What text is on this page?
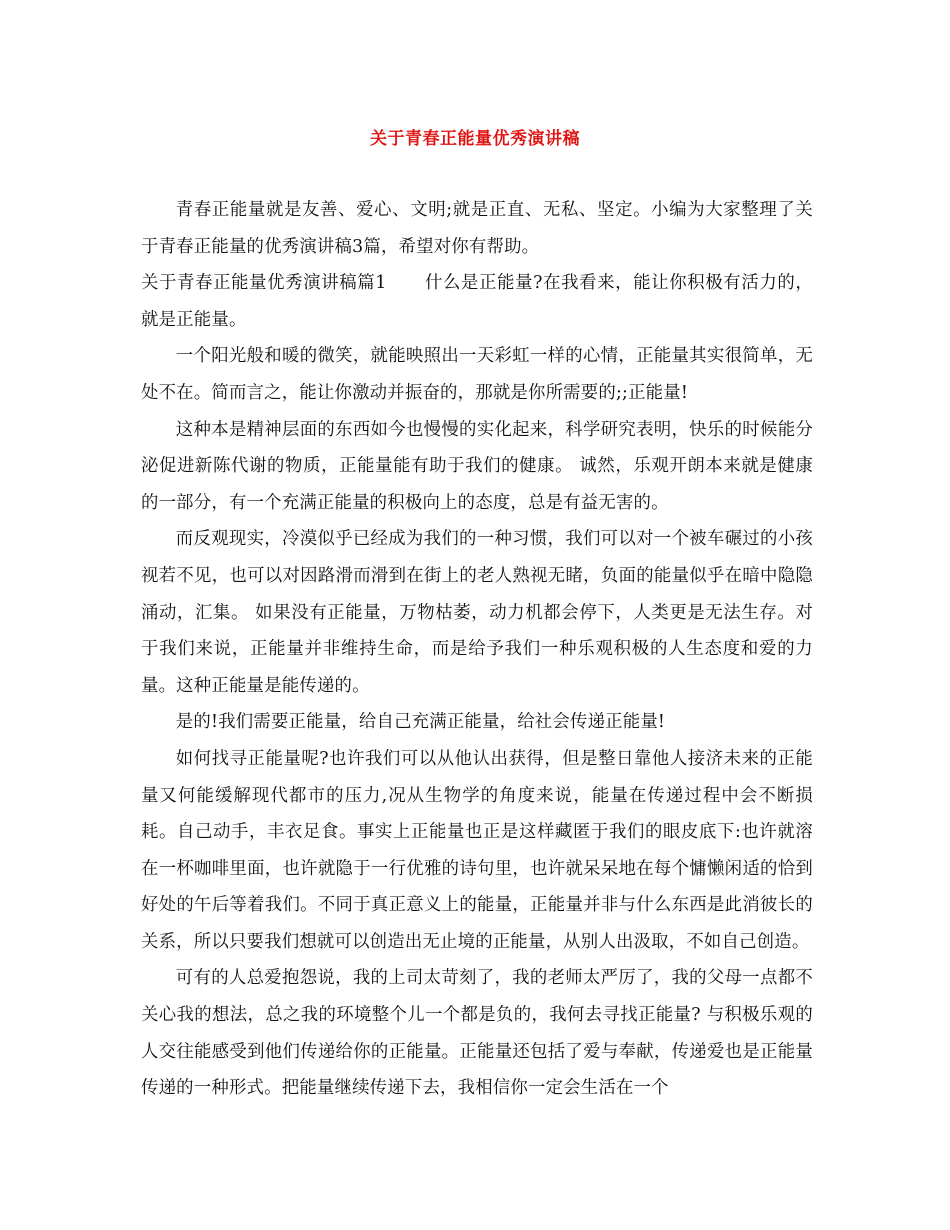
关于青春正能量优秀演讲稿

青春正能量就是友善、爱心、文明;就是正直、无私、坚定。小编为大家整理了关于青春正能量的优秀演讲稿3篇，希望对你有帮助。

关于青春正能量优秀演讲稿篇1 什么是正能量?在我看来，能让你积极有活力的，就是正能量。

一个阳光般和暖的微笑，就能映照出一天彩虹一样的心情，正能量其实很简单，无处不在。简而言之，能让你激动并振奋的，那就是你所需要的;;正能量!

这种本是精神层面的东西如今也慢慢的实化起来，科学研究表明，快乐的时候能分泌促进新陈代谢的物质，正能量能有助于我们的健康。 诚然，乐观开朗本来就是健康的一部分，有一个充满正能量的积极向上的态度，总是有益无害的。

而反观现实，冷漠似乎已经成为我们的一种习惯，我们可以对一个被车碾过的小孩视若不见，也可以对因路滑而滑到在街上的老人熟视无睹，负面的能量似乎在暗中隐隐涌动，汇集。 如果没有正能量，万物枯萎，动力机都会停下，人类更是无法生存。对于我们来说，正能量并非维持生命，而是给予我们一种乐观积极的人生态度和爱的力量。这种正能量是能传递的。

是的!我们需要正能量，给自己充满正能量，给社会传递正能量!

如何找寻正能量呢?也许我们可以从他认出获得，但是整日靠他人接济未来的正能量又何能缓解现代都市的压力,况从生物学的角度来说，能量在传递过程中会不断损耗。自己动手，丰衣足食。事实上正能量也正是这样藏匿于我们的眼皮底下:也许就溶在一杯咖啡里面，也许就隐于一行优雅的诗句里，也许就呆呆地在每个慵懒闲适的恰到好处的午后等着我们。不同于真正意义上的能量，正能量并非与什么东西是此消彼长的关系，所以只要我们想就可以创造出无止境的正能量，从别人出汲取，不如自己创造。

可有的人总爱抱怨说，我的上司太苛刻了，我的老师太严厉了，我的父母一点都不关心我的想法，总之我的环境整个儿一个都是负的，我何去寻找正能量? 与积极乐观的人交往能感受到他们传递给你的正能量。正能量还包括了爱与奉献，传递爱也是正能量传递的一种形式。把能量继续传递下去，我相信你一定会生活在一个
